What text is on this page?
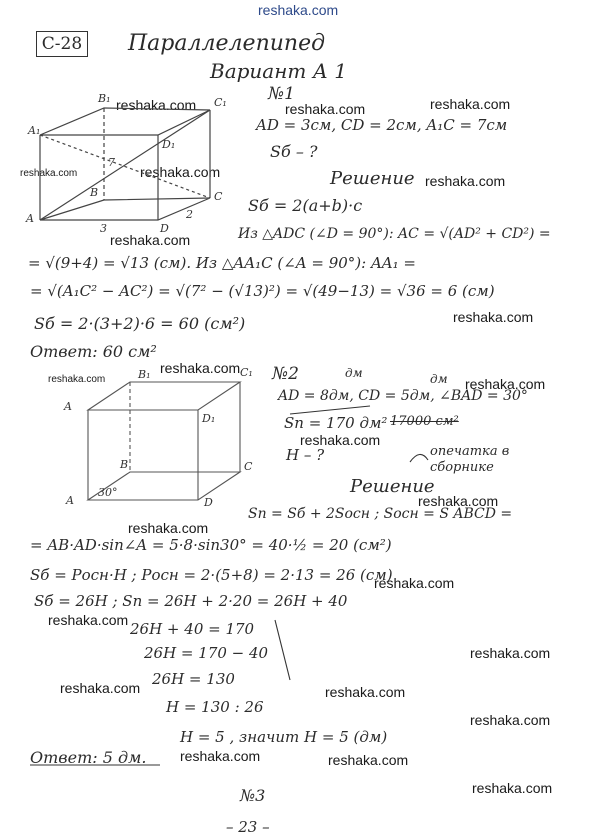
reshaka.com
reshaka.com	reshaka.com	reshaka.com
reshaka.com	reshaka.com
reshaka.com
reshaka.com
reshaka.com
reshaka.com
reshaka.com
reshaka.com
reshaka.com
reshaka.com
reshaka.com
reshaka.com
reshaka.com
reshaka.com
reshaka.com	reshaka.com
reshaka.com
reshaka.com	reshaka.com
reshaka.com
С-28 Параллелепипед
Вариант А 1
A₁
B₁	C₁
D₁
A
B	C
D
7
3
2
№1
AD = 3см, CD = 2см, A₁C = 7см
Sб – ?
Решение
Sб = 2(a+b)·c
Из △ADC (∠D = 90°): AC = √(AD² + CD²) =
= √(9+4) = √13 (см). Из △AA₁C (∠A = 90°): AA₁ =
= √(A₁C² − AC²) = √(7² − (√13)²) = √(49−13) = √36 = 6 (см)
Sб = 2·(3+2)·6 = 60 (см²)
Ответ: 60 см²
B₁	C₁
A
D₁
B	C
A	D
30°
№2	дм	дм
AD = 8дм, CD = 5дм, ∠BAD = 30°
Sп = 170 дм² 17000 см²
H – ?	опечатка в сборнике
Решение
Sп = Sб + 2Sосн ; Sосн = S ABCD =
= AB·AD·sin∠A = 5·8·sin30° = 40·½ = 20 (см²)
Sб = Pосн·H ; Pосн = 2·(5+8) = 2·13 = 26 (см)
Sб = 26H ; Sп = 26H + 2·20 = 26H + 40
26H + 40 = 170
26H = 170 − 40
26H = 130
H = 130 : 26
H = 5 , значит H = 5 (дм)
Ответ: 5 дм.
№3
– 23 –
